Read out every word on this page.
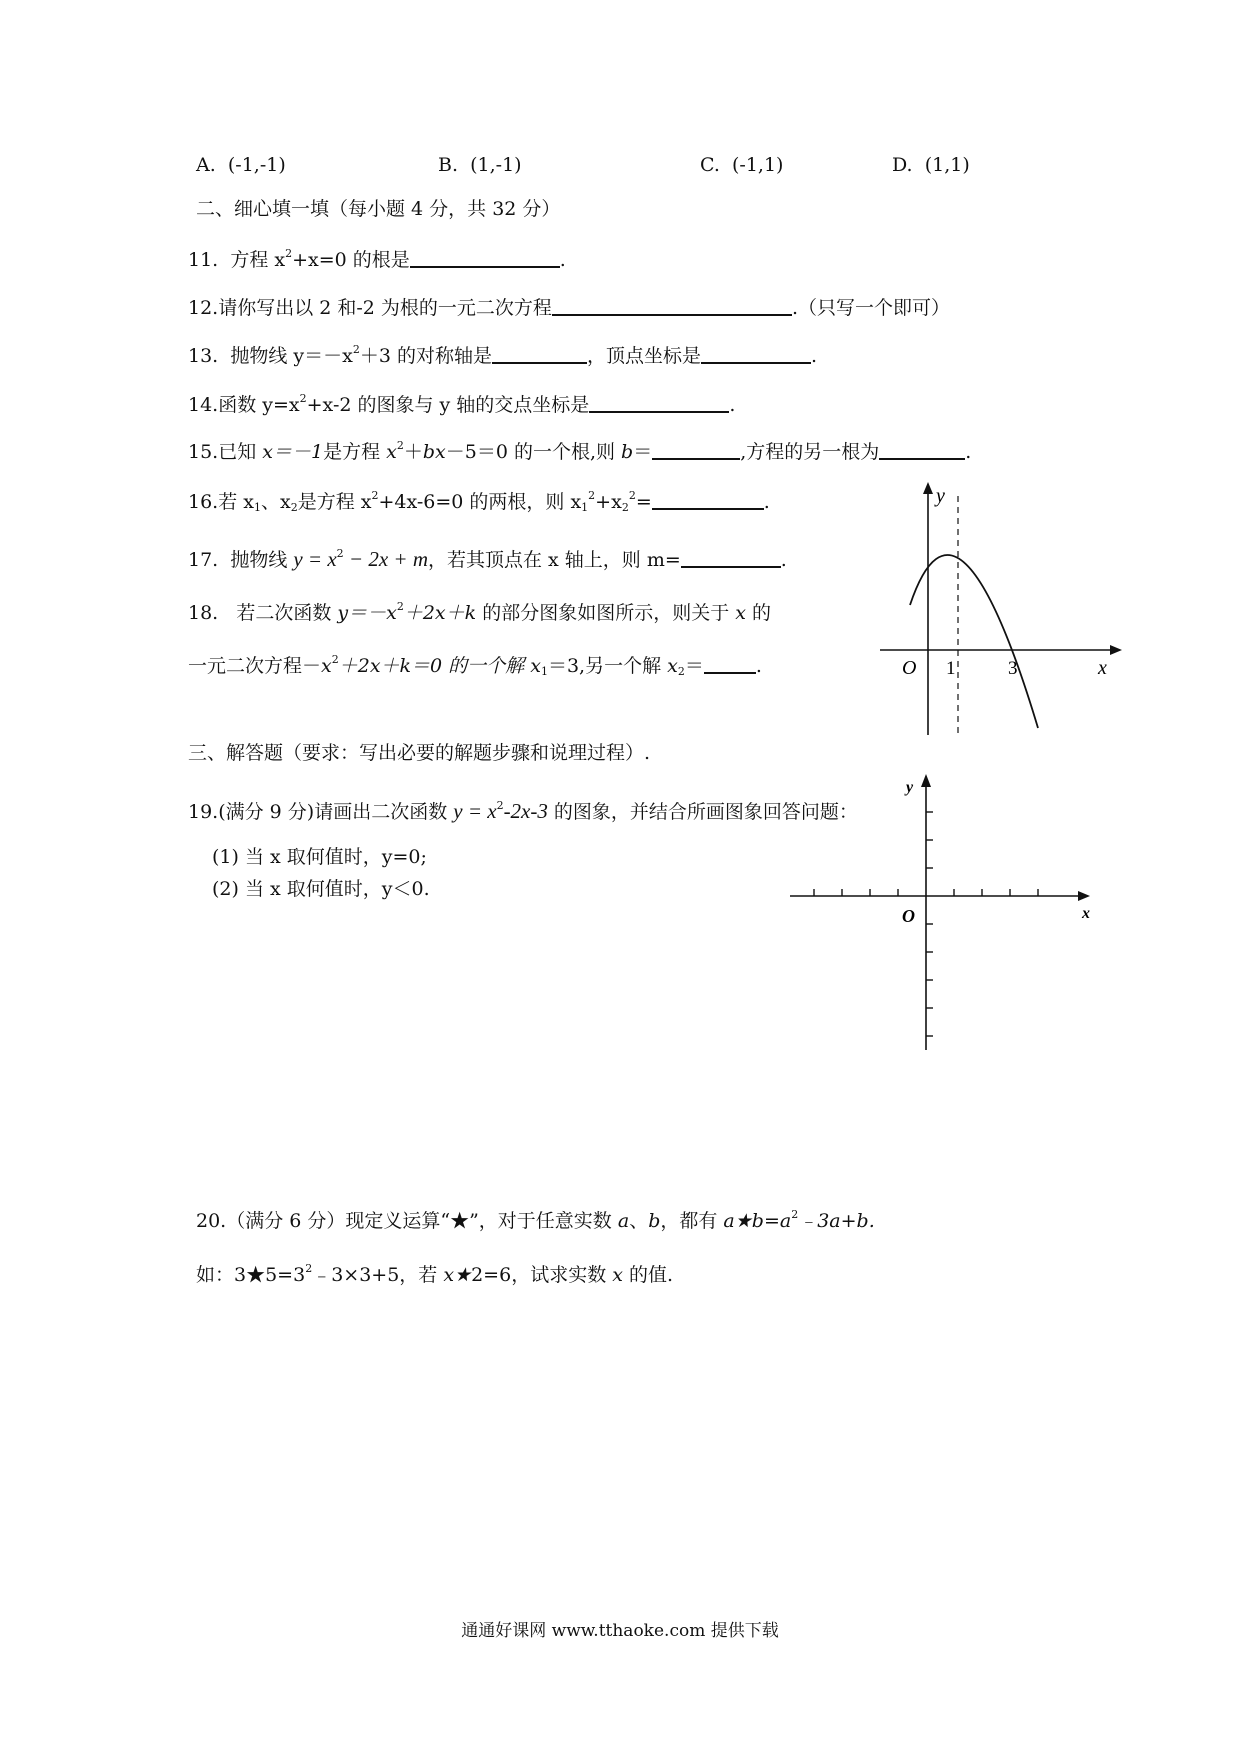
A. (-1,-1)	B. (1,-1)	C. (-1,1)	D. (1,1)
二、细心填一填（每小题 4 分，共 32 分）
11. 方程 $x^2+x=0$ 的根是	.
12.请你写出以 2 和-2 为根的一元二次方程	.（只写一个即可）
13. 抛物线 $y=-x^2+3$ 的对称轴是	，顶点坐标是	.
14.函数 $y=x^2+x-2$ 的图象与 y 轴的交点坐标是	.
15.已知 x＝－1是方程 $x^2+bx-5=0$ 的一个根,则 b＝	,方程的另一根为	.
16.若 $x_1$、$x_2$是方程 $x^2+4x-6=0$ 的两根，则 $x_1^2+x_2^2=$	.
17. 抛物线 $y = x^2 - 2x + m$，若其顶点在 x 轴上，则 m=	.
18. 若二次函数 $y=-x^2+2x+k$ 的部分图象如图所示，则关于 x 的
一元二次方程$-x^2+2x+k=0$ 的一个解 $x_1=3$,另一个解 $x_2=$	.
y
x
O 1	3
三、解答题（要求：写出必要的解题步骤和说理过程）.
19.(满分 9 分)请画出二次函数 $y = x^2-2x-3$ 的图象，并结合所画图象回答问题：
(1) 当 x 取何值时，y=0;
(2) 当 x 取何值时，y＜0.
y
x
O
20.（满分 6 分）现定义运算“★”，对于任意实数 a、b，都有 $a★b=a^2﹣3a+b$.
如：$3★5=3^2﹣3\times 3+5$，若 x★2=6，试求实数 x 的值.
通通好课网 www.tthaoke.com 提供下载
